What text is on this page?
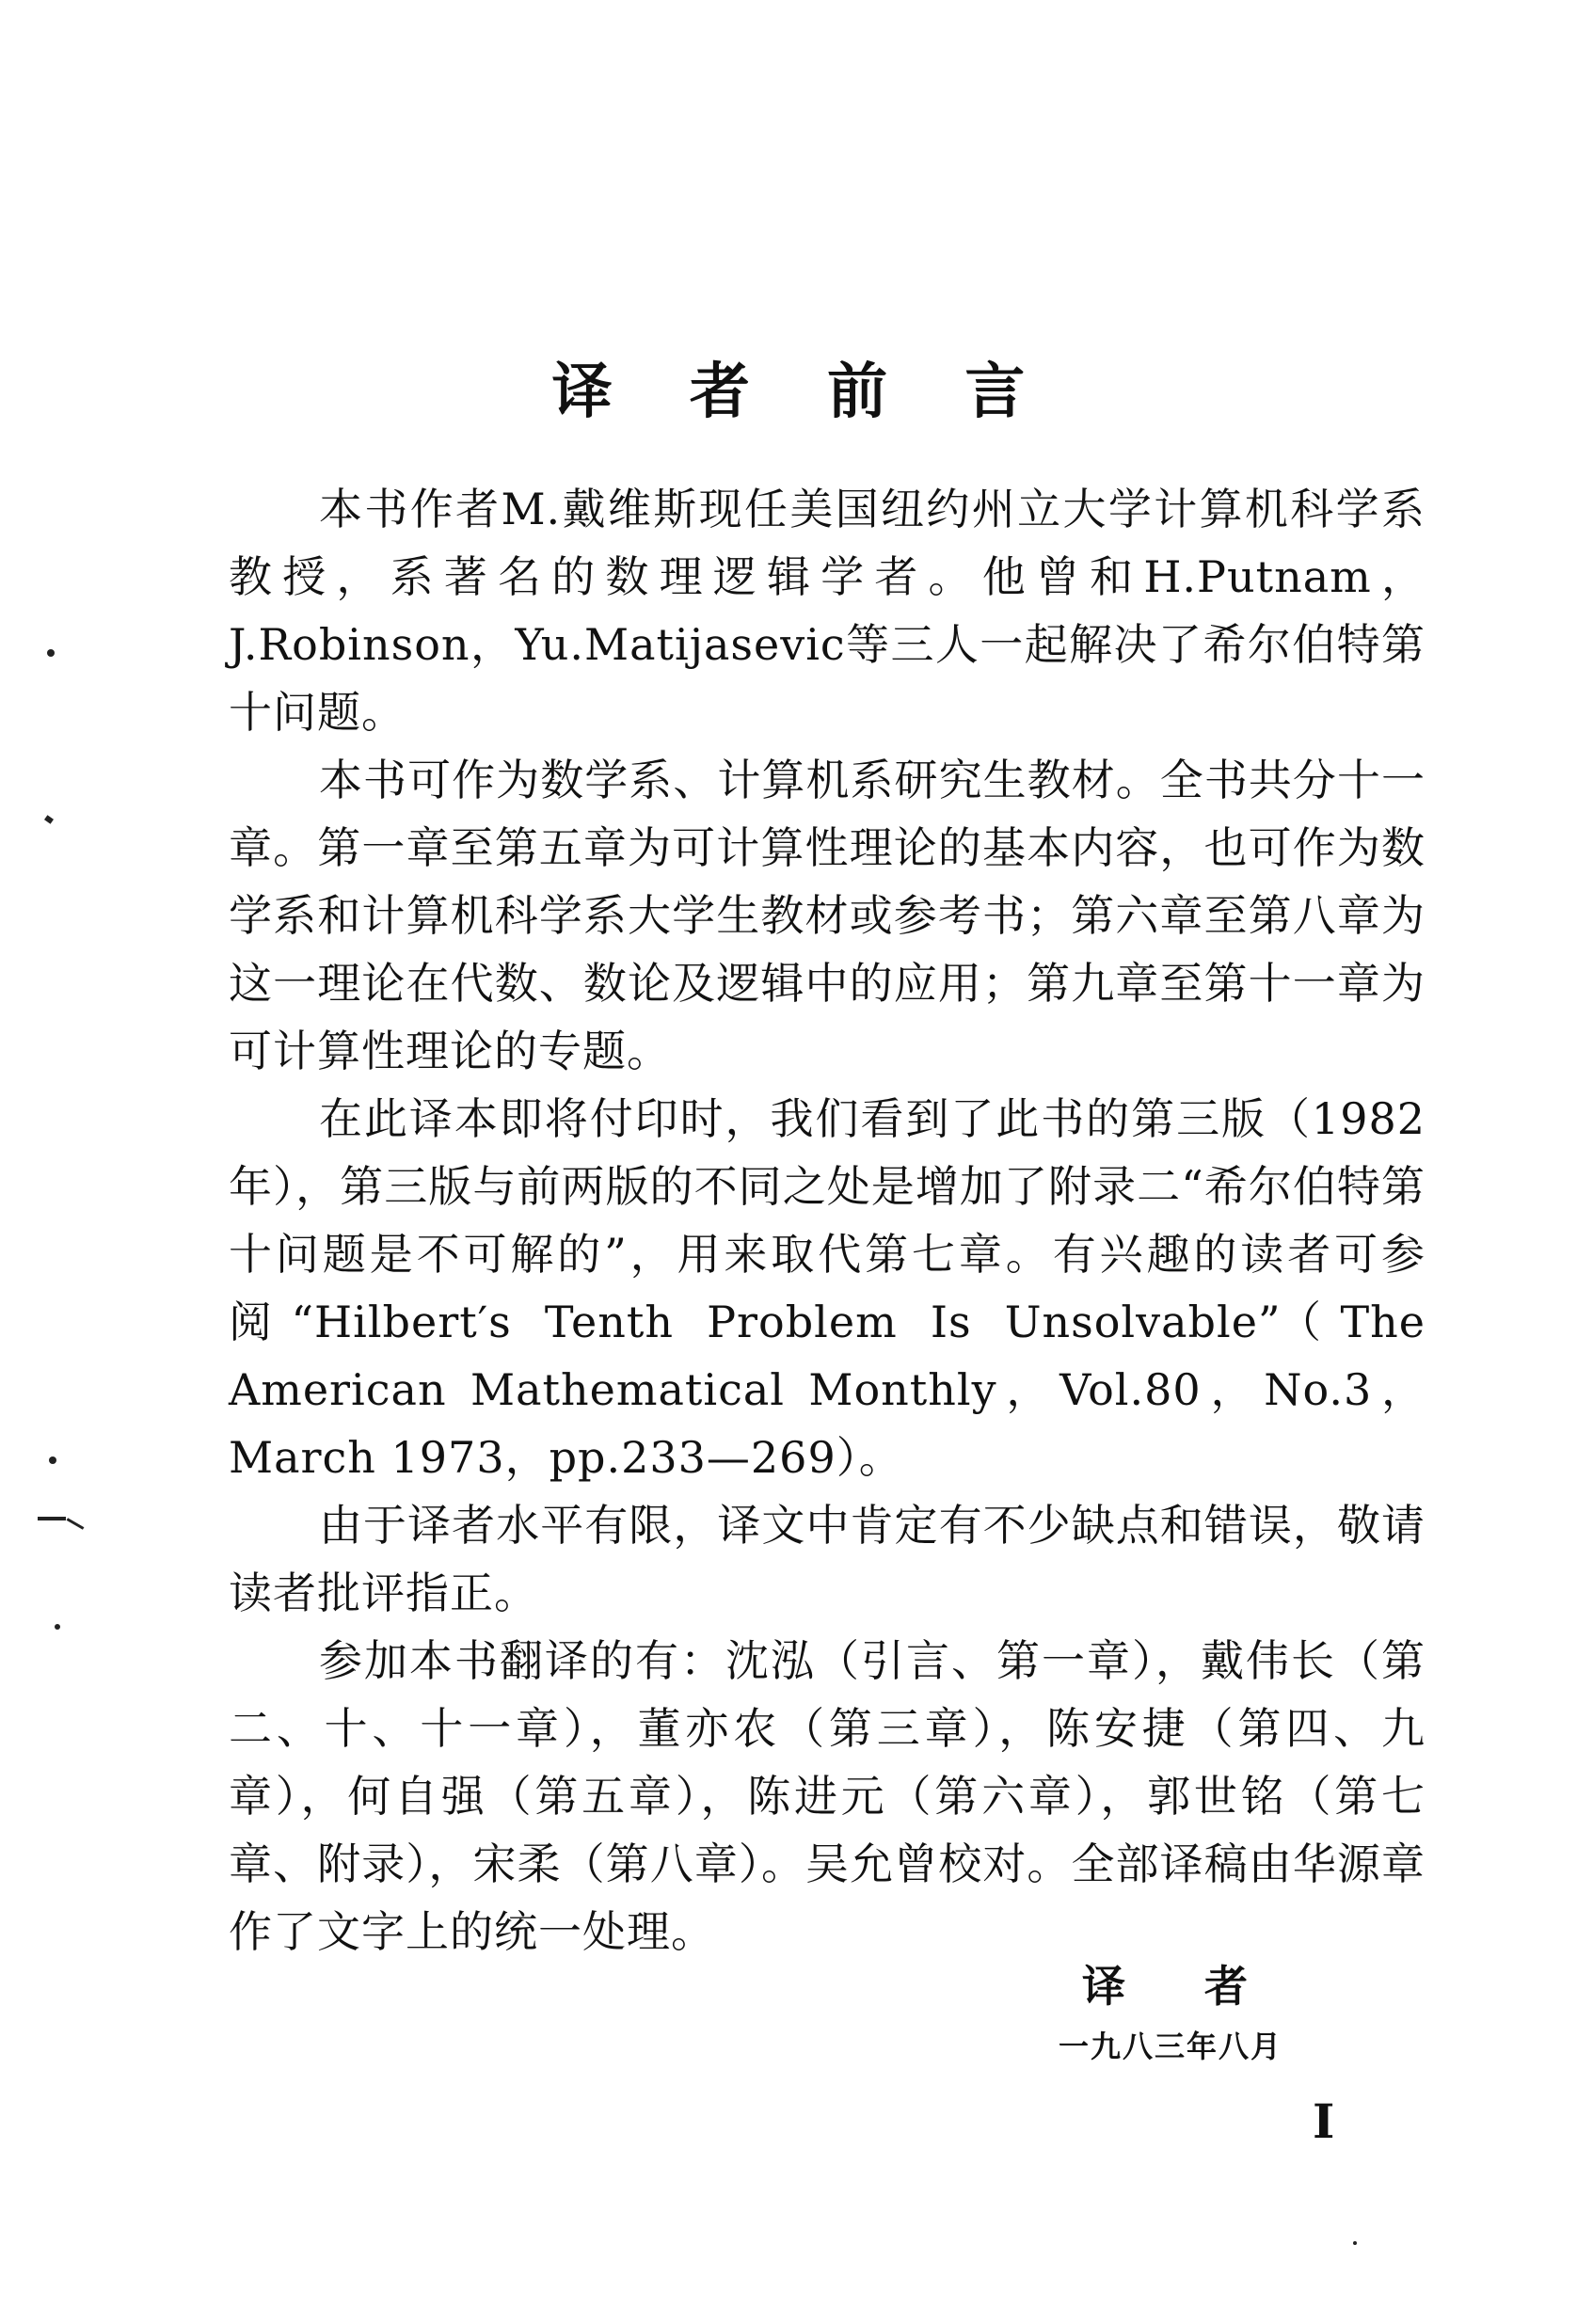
译 者 前 言

本书作者M.戴维斯现任美国纽约州立大学计算机科学系教授，系著名的数理逻辑学者。他曾和H.Putnam，J.Robinson，Yu.Matijasevic等三人一起解决了希尔伯特第十问题。

本书可作为数学系、计算机系研究生教材。全书共分十一章。第一章至第五章为可计算性理论的基本内容，也可作为数学系和计算机科学系大学生教材或参考书；第六章至第八章为这一理论在代数、数论及逻辑中的应用；第九章至第十一章为可计算性理论的专题。

在此译本即将付印时，我们看到了此书的第三版（1982年），第三版与前两版的不同之处是增加了附录二“希尔伯特第十问题是不可解的”，用来取代第七章。有兴趣的读者可参阅“Hilbert′s Tenth Problem Is Unsolvable”（The American Mathematical Monthly，Vol.80，No.3，March 1973，pp.233—269）。

由于译者水平有限，译文中肯定有不少缺点和错误，敬请读者批评指正。

参加本书翻译的有：沈泓（引言、第一章），戴伟长（第二、十、十一章），董亦农（第三章），陈安捷（第四、九章），何自强（第五章），陈进元（第六章），郭世铭（第七章、附录），宋柔（第八章）。吴允曾校对。全部译稿由华源章作了文字上的统一处理。

译 者
一九八三年八月
I
